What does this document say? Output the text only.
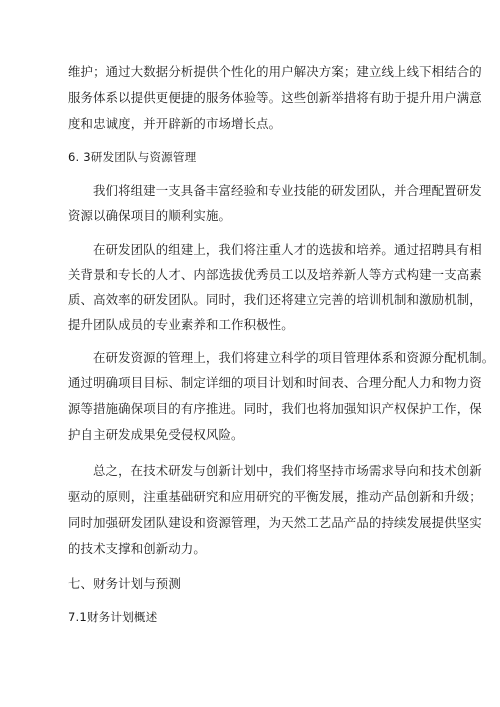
维护；通过大数据分析提供个性化的用户解决方案；建立线上线下相结合的
服务体系以提供更便捷的服务体验等。这些创新举措将有助于提升用户满意
度和忠诚度，并开辟新的市场增长点。
6. 3研发团队与资源管理
我们将组建一支具备丰富经验和专业技能的研发团队，并合理配置研发
资源以确保项目的顺利实施。
在研发团队的组建上，我们将注重人才的选拔和培养。通过招聘具有相
关背景和专长的人才、内部选拔优秀员工以及培养新人等方式构建一支高素
质、高效率的研发团队。同时，我们还将建立完善的培训机制和激励机制，
提升团队成员的专业素养和工作积极性。
在研发资源的管理上，我们将建立科学的项目管理体系和资源分配机制。
通过明确项目目标、制定详细的项目计划和时间表、合理分配人力和物力资
源等措施确保项目的有序推进。同时，我们也将加强知识产权保护工作，保
护自主研发成果免受侵权风险。
总之，在技术研发与创新计划中，我们将坚持市场需求导向和技术创新
驱动的原则，注重基础研究和应用研究的平衡发展，推动产品创新和升级；
同时加强研发团队建设和资源管理，为天然工艺品产品的持续发展提供坚实
的技术支撑和创新动力。
七、财务计划与预测
7.1财务计划概述
